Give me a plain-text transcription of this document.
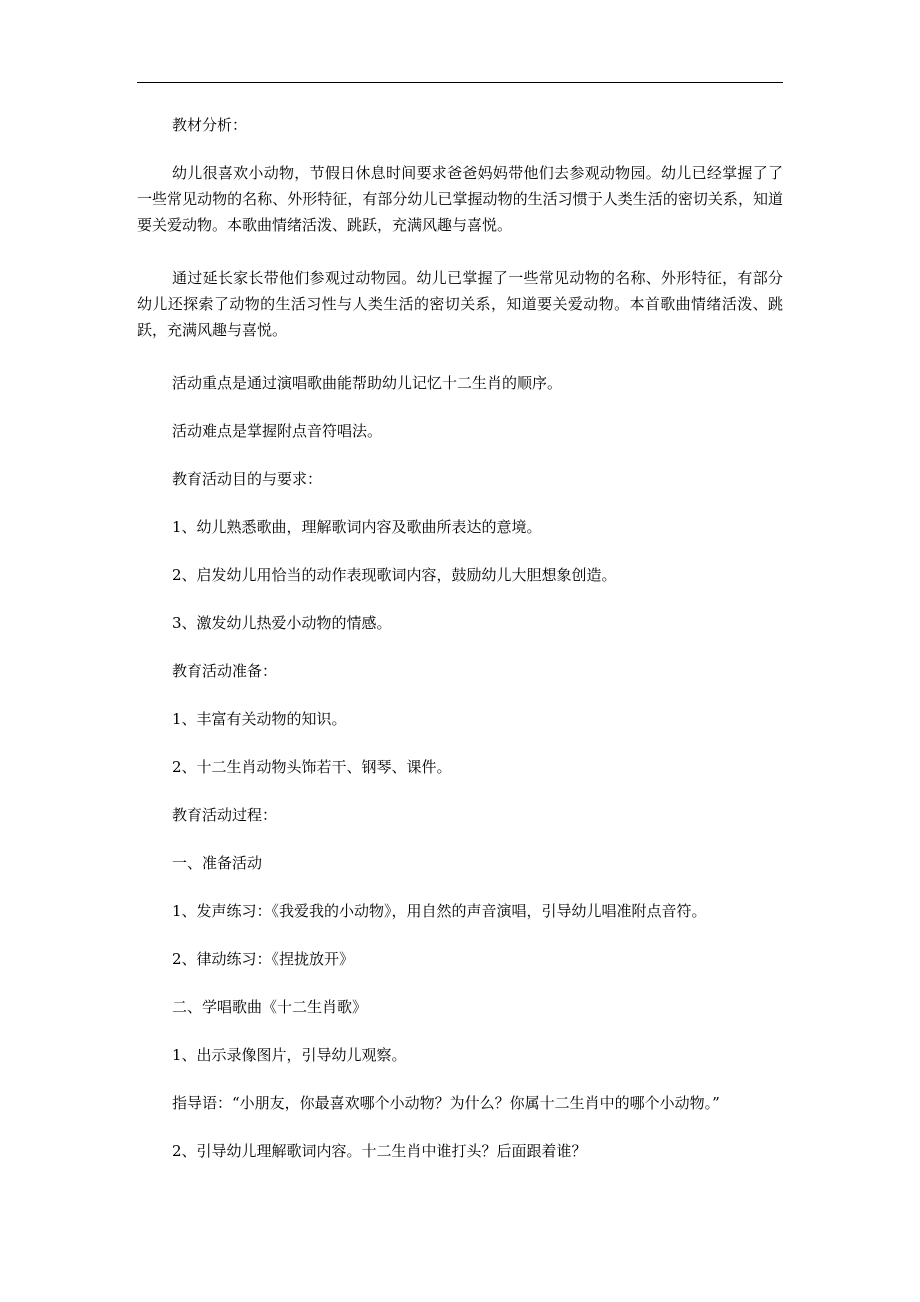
教材分析：

幼儿很喜欢小动物，节假日休息时间要求爸爸妈妈带他们去参观动物园。幼儿已经掌握了了一些常见动物的名称、外形特征，有部分幼儿已掌握动物的生活习惯于人类生活的密切关系，知道要关爱动物。本歌曲情绪活泼、跳跃，充满风趣与喜悦。

通过延长家长带他们参观过动物园。幼儿已掌握了一些常见动物的名称、外形特征，有部分幼儿还探索了动物的生活习性与人类生活的密切关系，知道要关爱动物。本首歌曲情绪活泼、跳跃，充满风趣与喜悦。

活动重点是通过演唱歌曲能帮助幼儿记忆十二生肖的顺序。

活动难点是掌握附点音符唱法。

教育活动目的与要求：

1、幼儿熟悉歌曲，理解歌词内容及歌曲所表达的意境。

2、启发幼儿用恰当的动作表现歌词内容，鼓励幼儿大胆想象创造。

3、激发幼儿热爱小动物的情感。

教育活动准备：

1、丰富有关动物的知识。

2、十二生肖动物头饰若干、钢琴、课件。

教育活动过程：

一、准备活动

1、发声练习：《我爱我的小动物》，用自然的声音演唱，引导幼儿唱准附点音符。

2、律动练习：《捏拢放开》

二、学唱歌曲《十二生肖歌》

1、出示录像图片，引导幼儿观察。

指导语：“小朋友，你最喜欢哪个小动物？为什么？你属十二生肖中的哪个小动物。”

2、引导幼儿理解歌词内容。十二生肖中谁打头？后面跟着谁？
